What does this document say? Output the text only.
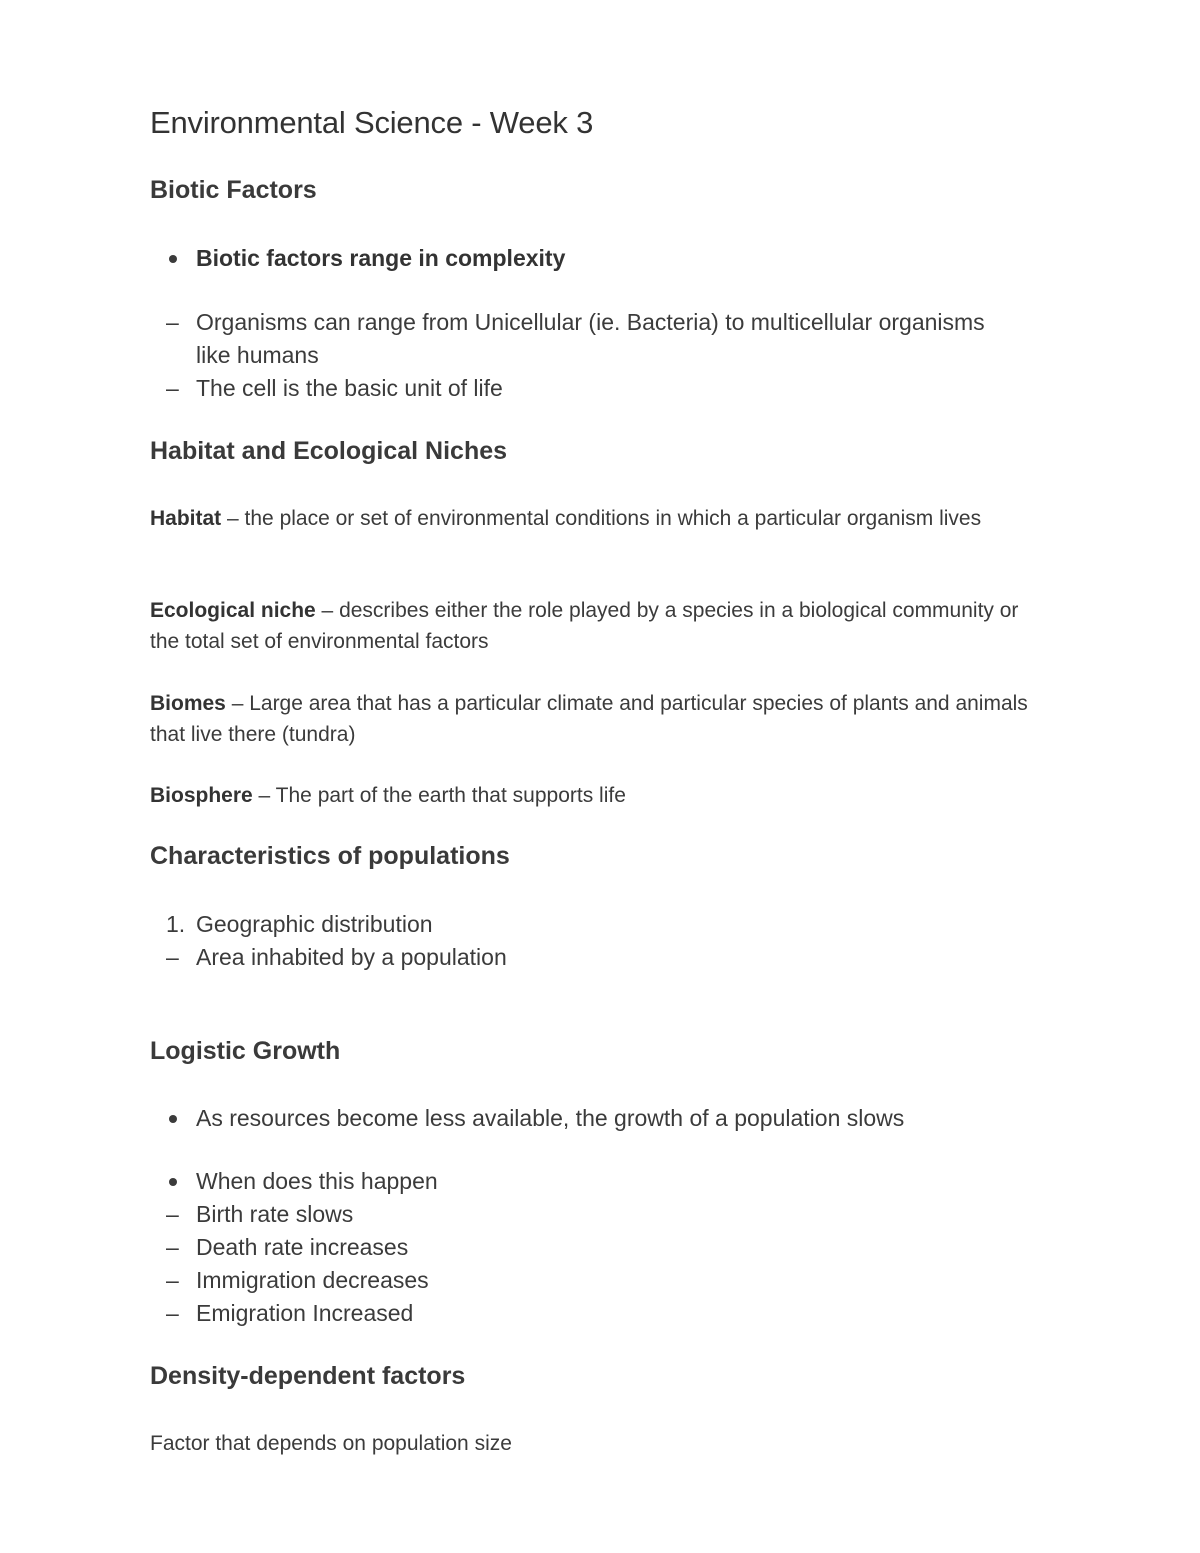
Environmental Science - Week 3
Biotic Factors
Biotic factors range in complexity
– Organisms can range from Unicellular (ie. Bacteria) to multicellular organisms like humans
– The cell is the basic unit of life
Habitat and Ecological Niches
Habitat – the place or set of environmental conditions in which a particular organism lives
Ecological niche – describes either the role played by a species in a biological community or the total set of environmental factors
Biomes – Large area that has a particular climate and particular species of plants and animals that live there (tundra)
Biosphere – The part of the earth that supports life
Characteristics of populations
1. Geographic distribution
– Area inhabited by a population
Logistic Growth
As resources become less available, the growth of a population slows
When does this happen
– Birth rate slows
– Death rate increases
– Immigration decreases
– Emigration Increased
Density-dependent factors
Factor that depends on population size
